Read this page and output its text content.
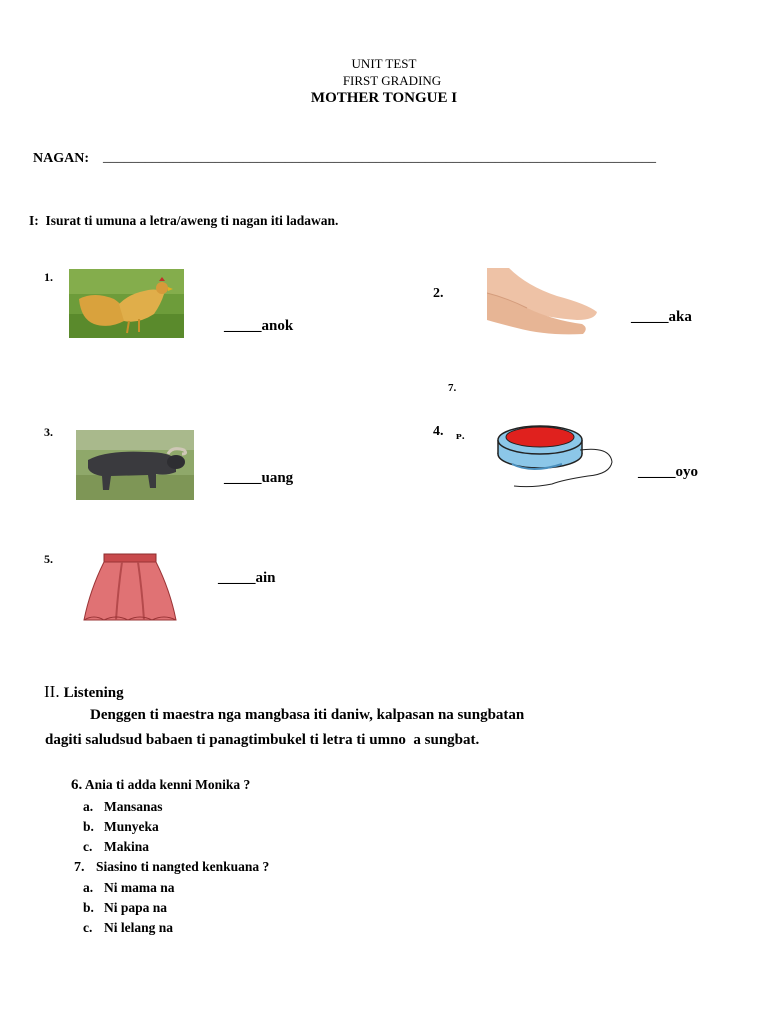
UNIT TEST
FIRST GRADING
MOTHER TONGUE I
NAGAN: _______________________________________________________________________________
I:  Isurat ti umuna a letra/aweng ti nagan iti ladawan.
1.
_____anok
2.
_____aka
7.
3.
_____uang
4. ᴩ.
_____oyo
5.
_____ain
II. Listening
Denggen ti maestra nga mangbasa iti daniw, kalpasan na sungbatan
dagiti saludsud babaen ti panagtimbukel ti letra ti umno  a sungbat.
6. Ania ti adda kenni Monika ?
a. Mansanas
b. Munyeka
c. Makina
7. Siasino ti nangted kenkuana ?
a. Ni mama na
b. Ni papa na
c. Ni lelang na
